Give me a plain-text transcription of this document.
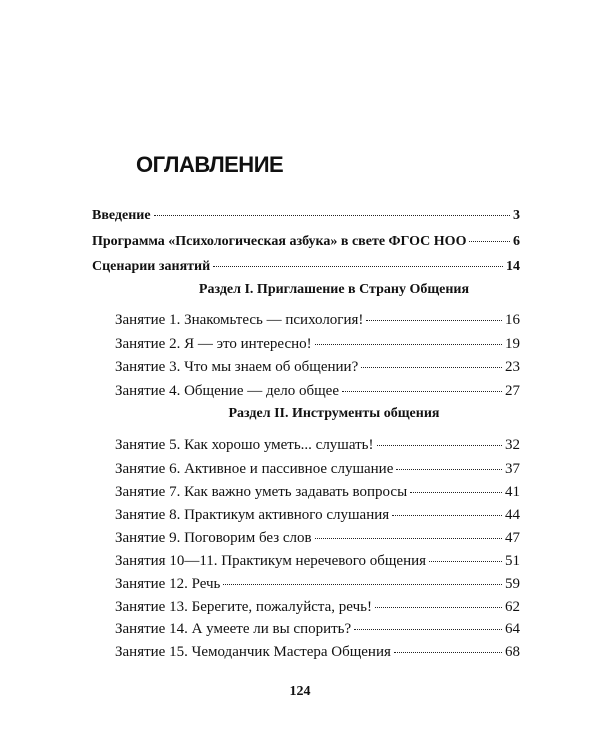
ОГЛАВЛЕНИЕ
Введение	3
Программа «Психологическая азбука» в свете ФГОС НОО	6
Сценарии занятий	14
Раздел I. Приглашение в Страну Общения
Занятие 1. Знакомьтесь — психология!	16
Занятие 2. Я — это интересно!	19
Занятие 3. Что мы знаем об общении?	23
Занятие 4. Общение — дело общее	27
Раздел II. Инструменты общения
Занятие 5. Как хорошо уметь... слушать!	32
Занятие 6. Активное и пассивное слушание	37
Занятие 7. Как важно уметь задавать вопросы	41
Занятие 8. Практикум активного слушания	44
Занятие 9. Поговорим без слов	47
Занятия 10—11. Практикум неречевого общения	51
Занятие 12. Речь	59
Занятие 13. Берегите, пожалуйста, речь!	62
Занятие 14. А умеете ли вы спорить?	64
Занятие 15. Чемоданчик Мастера Общения	68
124
